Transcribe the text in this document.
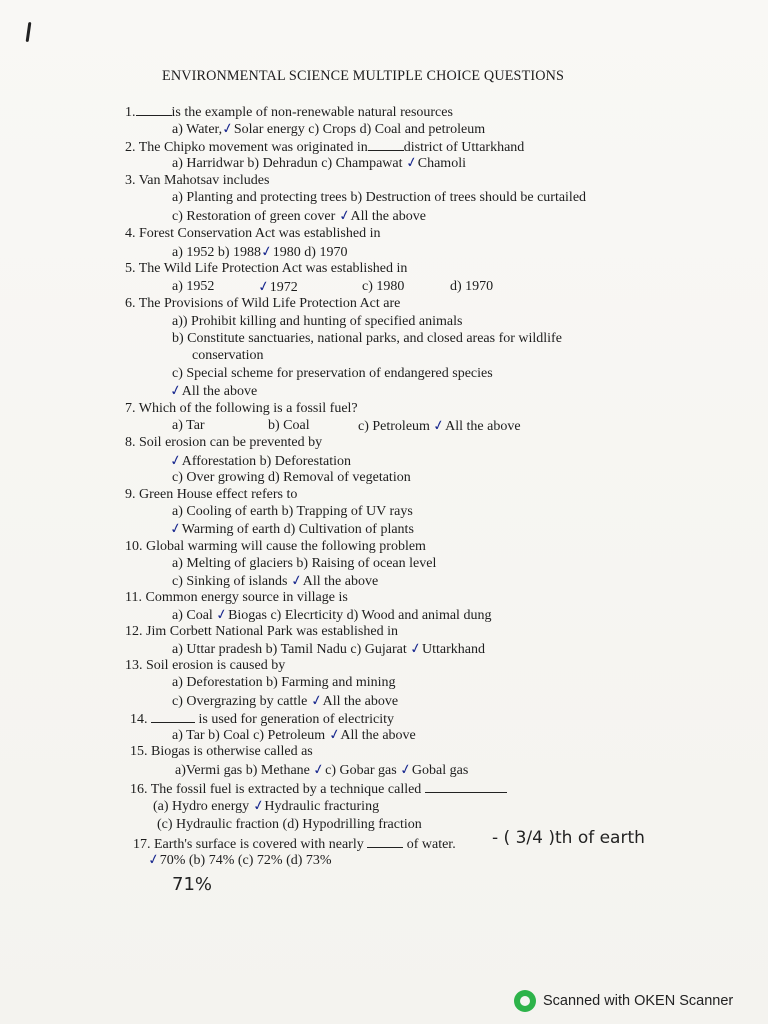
ENVIRONMENTAL SCIENCE MULTIPLE CHOICE QUESTIONS
1.	is the example of non-renewable natural resources
a) Water,✓Solar energy c) Crops d) Coal and petroleum
2. The Chipko movement was originated in	district of Uttarkhand
a) Harridwar b) Dehradun c) Champawat ✓Chamoli
3. Van Mahotsav includes
a) Planting and protecting trees b) Destruction of trees should be curtailed
c) Restoration of green cover ✓All the above
4. Forest Conservation Act was established in
a) 1952 b) 1988✓1980 d) 1970
5. The Wild Life Protection Act was established in
a) 1952	✓1972	c) 1980	d) 1970
6. The Provisions of Wild Life Protection Act are
a)) Prohibit killing and hunting of specified animals
b) Constitute sanctuaries, national parks, and closed areas for wildlife
conservation
c) Special scheme for preservation of endangered species
✓All the above
7. Which of the following is a fossil fuel?
a) Tar	b) Coal	c) Petroleum ✓All the above
8. Soil erosion can be prevented by
✓Afforestation b) Deforestation
c) Over growing d) Removal of vegetation
9. Green House effect refers to
a) Cooling of earth b) Trapping of UV rays
✓Warming of earth d) Cultivation of plants
10. Global warming will cause the following problem
a) Melting of glaciers b) Raising of ocean level
c) Sinking of islands ✓All the above
11. Common energy source in village is
a) Coal ✓Biogas c) Elecrticity d) Wood and animal dung
12. Jim Corbett National Park was established in
a) Uttar pradesh b) Tamil Nadu c) Gujarat ✓Uttarkhand
13. Soil erosion is caused by
a) Deforestation b) Farming and mining
c) Overgrazing by cattle ✓All the above
14.	is used for generation of electricity
a) Tar b) Coal c) Petroleum ✓All the above
15. Biogas is otherwise called as
a)Vermi gas b) Methane ✓c) Gobar gas ✓Gobal gas
16. The fossil fuel is extracted by a technique called
(a) Hydro energy ✓Hydraulic fracturing
(c) Hydraulic fraction (d) Hypodrilling fraction
17. Earth's surface is covered with nearly	of water.
✓70% (b) 74% (c) 72% (d) 73%
- ( 3/4 )th of earth
71%
Scanned with OKEN Scanner
